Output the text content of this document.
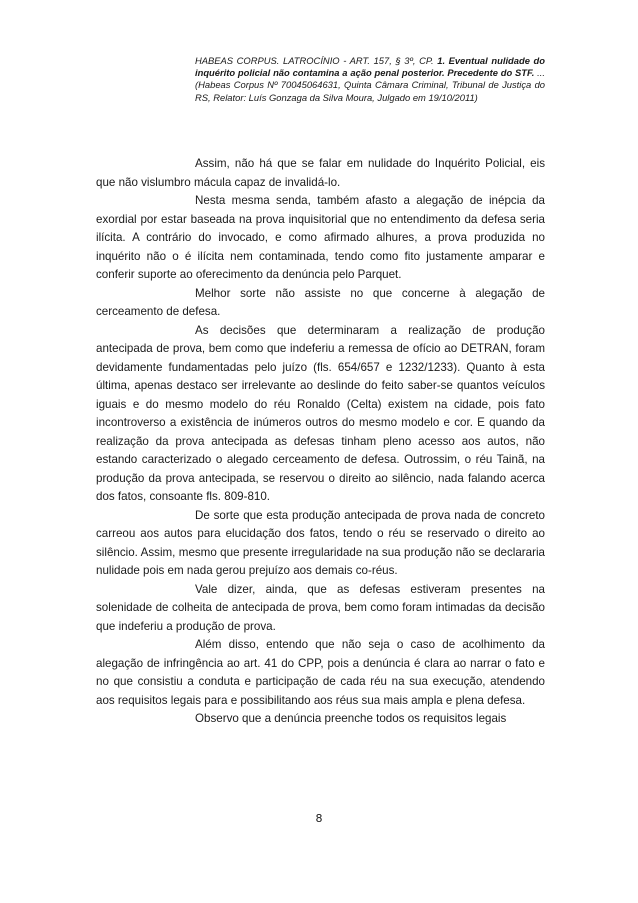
HABEAS CORPUS. LATROCÍNIO - ART. 157, § 3º, CP. 1. Eventual nulidade do inquérito policial não contamina a ação penal posterior. Precedente do STF. ... (Habeas Corpus Nº 70045064631, Quinta Câmara Criminal, Tribunal de Justiça do RS, Relator: Luís Gonzaga da Silva Moura, Julgado em 19/10/2011)

Assim, não há que se falar em nulidade do Inquérito Policial, eis que não vislumbro mácula capaz de invalidá-lo.

Nesta mesma senda, também afasto a alegação de inépcia da exordial por estar baseada na prova inquisitorial que no entendimento da defesa seria ilícita. A contrário do invocado, e como afirmado alhures, a prova produzida no inquérito não o é ilícita nem contaminada, tendo como fito justamente amparar e conferir suporte ao oferecimento da denúncia pelo Parquet.

Melhor sorte não assiste no que concerne à alegação de cerceamento de defesa.

As decisões que determinaram a realização de produção antecipada de prova, bem como que indeferiu a remessa de ofício ao DETRAN, foram devidamente fundamentadas pelo juízo (fls. 654/657 e 1232/1233). Quanto à esta última, apenas destaco ser irrelevante ao deslinde do feito saber-se quantos veículos iguais e do mesmo modelo do réu Ronaldo (Celta) existem na cidade, pois fato incontroverso a existência de inúmeros outros do mesmo modelo e cor. E quando da realização da prova antecipada as defesas tinham pleno acesso aos autos, não estando caracterizado o alegado cerceamento de defesa. Outrossim, o réu Tainã, na produção da prova antecipada, se reservou o direito ao silêncio, nada falando acerca dos fatos, consoante fls. 809-810.

De sorte que esta produção antecipada de prova nada de concreto carreou aos autos para elucidação dos fatos, tendo o réu se reservado o direito ao silêncio. Assim, mesmo que presente irregularidade na sua produção não se declararia nulidade pois em nada gerou prejuízo aos demais co-réus.

Vale dizer, ainda, que as defesas estiveram presentes na solenidade de colheita de antecipada de prova, bem como foram intimadas da decisão que indeferiu a produção de prova.

Além disso, entendo que não seja o caso de acolhimento da alegação de infringência ao art. 41 do CPP, pois a denúncia é clara ao narrar o fato e no que consistiu a conduta e participação de cada réu na sua execução, atendendo aos requisitos legais para e possibilitando aos réus sua mais ampla e plena defesa.

Observo que a denúncia preenche todos os requisitos legais

8
